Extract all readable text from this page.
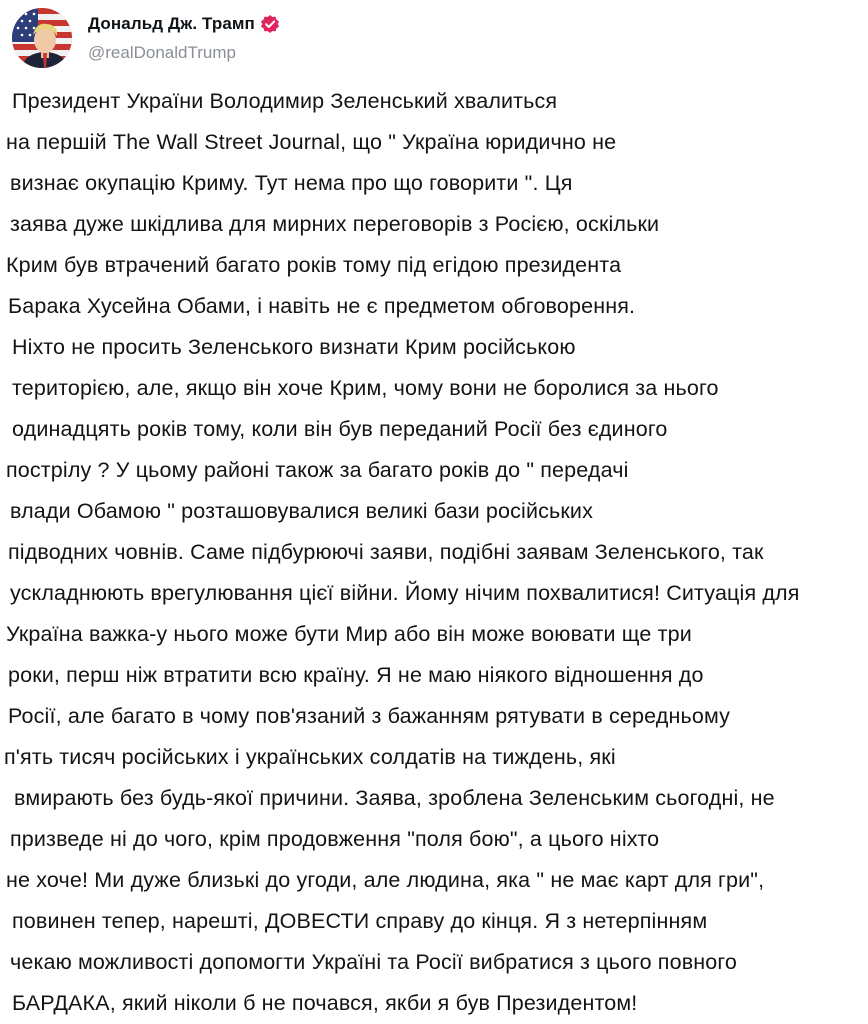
Дональд Дж. Трамп
@realDonaldTrump
Президент України Володимир Зеленський хвалиться
на першій The Wall Street Journal, що " Україна юридично не
визнає окупацію Криму. Тут нема про що говорити ". Ця
заява дуже шкідлива для мирних переговорів з Росією, оскільки
Крим був втрачений багато років тому під егідою президента
Барака Хусейна Обами, і навіть не є предметом обговорення.
Ніхто не просить Зеленського визнати Крим російською
територією, але, якщо він хоче Крим, чому вони не боролися за нього
одинадцять років тому, коли він був переданий Росії без єдиного
пострілу ? У цьому районі також за багато років до " передачі
влади Обамою " розташовувалися великі бази російських
підводних човнів. Саме підбурюючі заяви, подібні заявам Зеленського, так
ускладнюють врегулювання цієї війни. Йому нічим похвалитися! Ситуація для
Україна важка-у нього може бути Мир або він може воювати ще три
роки, перш ніж втратити всю країну. Я не маю ніякого відношення до
Росії, але багато в чому пов'язаний з бажанням рятувати в середньому
п'ять тисяч російських і українських солдатів на тиждень, які
вмирають без будь-якої причини. Заява, зроблена Зеленським сьогодні, не
призведе ні до чого, крім продовження "поля бою", а цього ніхто
не хоче! Ми дуже близькі до угоди, але людина, яка " не має карт для гри",
повинен тепер, нарешті, ДОВЕСТИ справу до кінця. Я з нетерпінням
чекаю можливості допомогти Україні та Росії вибратися з цього повного
БАРДАКА, який ніколи б не почався, якби я був Президентом!
